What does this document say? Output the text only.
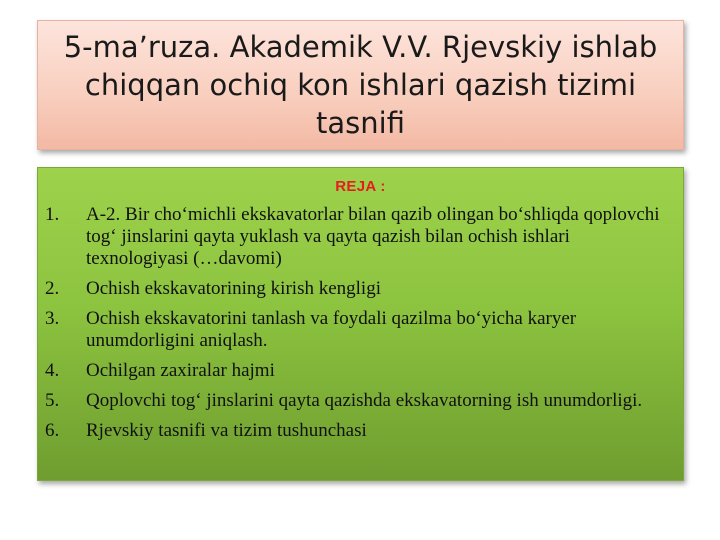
5-ma’ruza. Akademik V.V. Rjevskiy ishlab chiqqan ochiq kon ishlari qazish tizimi tasnifi
REJA :
1.	A-2. Bir cho‘michli ekskavatorlar bilan qazib olingan bo‘shliqda qoplovchi tog‘ jinslarini qayta yuklash va qayta qazish bilan ochish ishlari texnologiyasi (…davomi)
2.	Ochish ekskavatorining kirish kengligi
3.	Ochish ekskavatorini tanlash va foydali qazilma bo‘yicha karyer unumdorligini aniqlash.
4.	Ochilgan zaxiralar hajmi
5.	Qoplovchi tog‘ jinslarini qayta qazishda ekskavatorning ish unumdorligi.
6.	Rjevskiy tasnifi va tizim tushunchasi
